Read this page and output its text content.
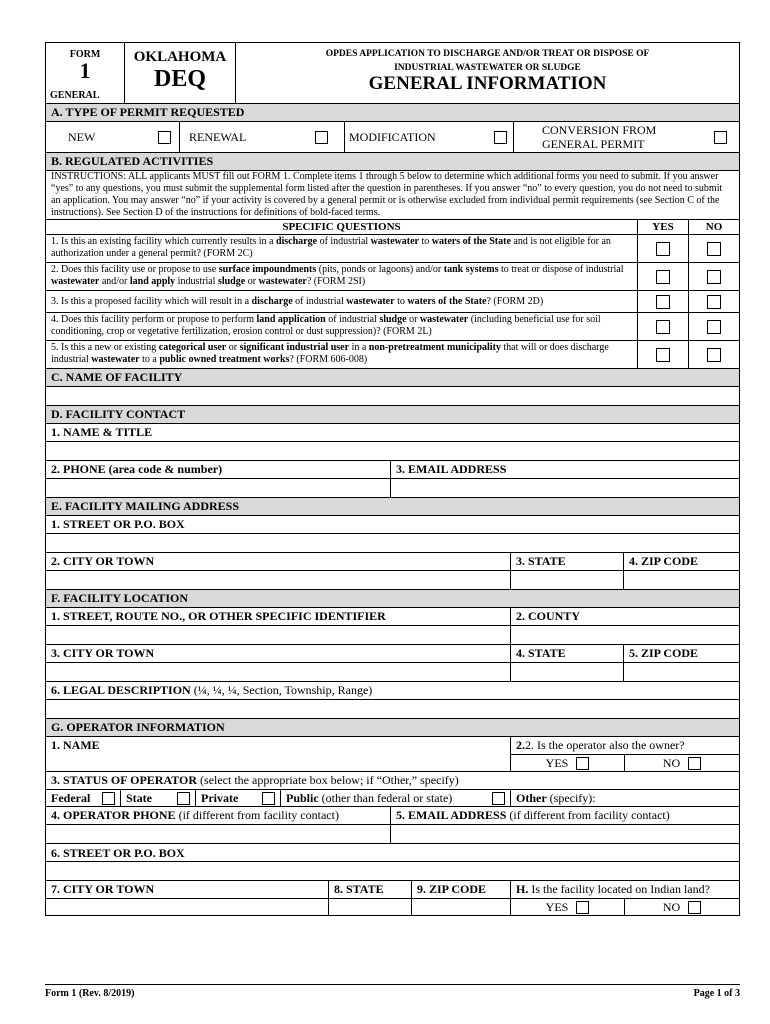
FORM
1
GENERAL
OKLAHOMA
DEQ
OPDES APPLICATION TO DISCHARGE AND/OR TREAT OR DISPOSE OF
INDUSTRIAL WASTEWATER OR SLUDGE
GENERAL INFORMATION
A. TYPE OF PERMIT REQUESTED
NEW	RENEWAL	MODIFICATION	CONVERSION FROM
GENERAL PERMIT
B. REGULATED ACTIVITIES
INSTRUCTIONS: ALL applicants MUST fill out FORM 1. Complete items 1 through 5 below to determine which additional forms you need to submit. If you answer “yes” to any questions, you must submit the supplemental form listed after the question in parentheses. If you answer “no” to every question, you do not need to submit an application. You may answer “no” if your activity is covered by a general permit or is otherwise excluded from individual permit requirements (see Section C of the instructions). See Section D of the instructions for definitions of bold-faced terms.
SPECIFIC QUESTIONS	YES	NO
1. Is this an existing facility which currently results in a discharge of industrial wastewater to waters of the State and is not eligible for an authorization under a general permit? (FORM 2C)
2. Does this facility use or propose to use surface impoundments (pits, ponds or lagoons) and/or tank systems to treat or dispose of industrial wastewater and/or land apply industrial sludge or wastewater? (FORM 2SI)
3. Is this a proposed facility which will result in a discharge of industrial wastewater to waters of the State? (FORM 2D)
4. Does this facility perform or propose to perform land application of industrial sludge or wastewater (including beneficial use for soil conditioning, crop or vegetative fertilization, erosion control or dust suppression)? (FORM 2L)
5. Is this a new or existing categorical user or significant industrial user in a non-pretreatment municipality that will or does discharge industrial wastewater to a public owned treatment works? (FORM 606-008)
C. NAME OF FACILITY
D. FACILITY CONTACT
1. NAME & TITLE
2. PHONE (area code & number)	3. EMAIL ADDRESS
E. FACILITY MAILING ADDRESS
1. STREET OR P.O. BOX
2. CITY OR TOWN	3. STATE	4. ZIP CODE
F. FACILITY LOCATION
1. STREET, ROUTE NO., OR OTHER SPECIFIC IDENTIFIER	2. COUNTY
3. CITY OR TOWN	4. STATE	5. ZIP CODE
6. LEGAL DESCRIPTION (¼, ¼, ¼, Section, Township, Range)
G. OPERATOR INFORMATION
1. NAME	2.2. Is the operator also the owner?
YES	NO
3. STATUS OF OPERATOR (select the appropriate box below; if “Other,” specify)
Federal	State	Private	Public (other than federal or state)	Other (specify):
4. OPERATOR PHONE (if different from facility contact)	5. EMAIL ADDRESS (if different from facility contact)
6. STREET OR P.O. BOX
7. CITY OR TOWN	8. STATE	9. ZIP CODE	H. Is the facility located on Indian land?
YES	NO
Form 1 (Rev. 8/2019)	Page 1 of 3
